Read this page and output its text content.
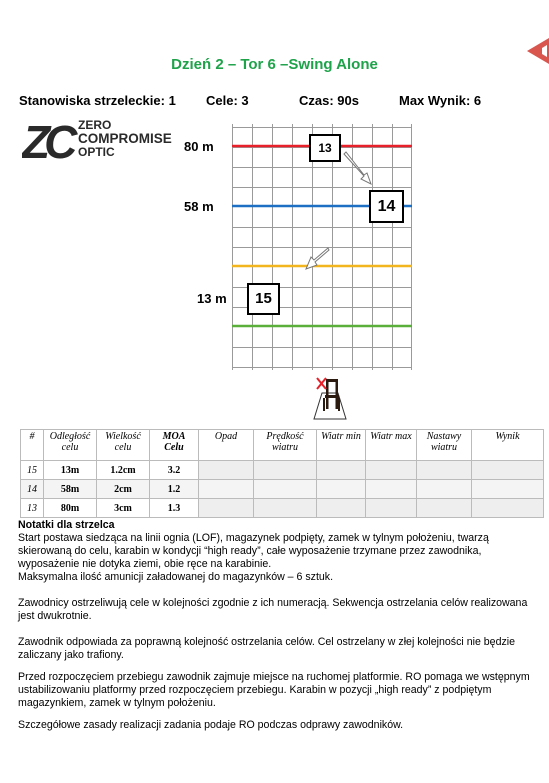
Dzień 2 – Tor 6 –Swing Alone
Stanowiska strzeleckie: 1 Cele: 3	Czas: 90s	Max Wynik: 6
ZC ZERO
COMPROMISE
OPTIC	80 m
58 m
13 m
13
14
15
#	Odległość celu	Wielkość celu	MOA Celu	Opad	Prędkość wiatru	Wiatr min	Wiatr max	Nastawy wiatru	Wynik
15	13m	1.2cm	3.2						
14	58m	2cm	1.2						
13	80m	3cm	1.3						

Notatki dla strzelca

Start postawa siedząca na linii ognia (LOF), magazynek podpięty, zamek w tylnym położeniu, twarzą skierowaną do celu, karabin w kondycji “high ready”, całe wyposażenie trzymane przez zawodnika, wyposażenie nie dotyka ziemi, obie ręce na karabinie.

Maksymalna ilość amunicji załadowanej do magazynków – 6 sztuk.

Zawodnicy ostrzeliwują cele w kolejności zgodnie z ich numeracją. Sekwencja ostrzelania celów realizowana jest dwukrotnie.

Zawodnik odpowiada za poprawną kolejność ostrzelania celów. Cel ostrzelany w złej kolejności nie będzie zaliczany jako trafiony.

Przed rozpoczęciem przebiegu zawodnik zajmuje miejsce na ruchomej platformie. RO pomaga we wstępnym ustabilizowaniu platformy przed rozpoczęciem przebiegu. Karabin w pozycji „high ready” z podpiętym magazynkiem, zamek w tylnym położeniu.

Szczegółowe zasady realizacji zadania podaje RO podczas odprawy zawodników.
